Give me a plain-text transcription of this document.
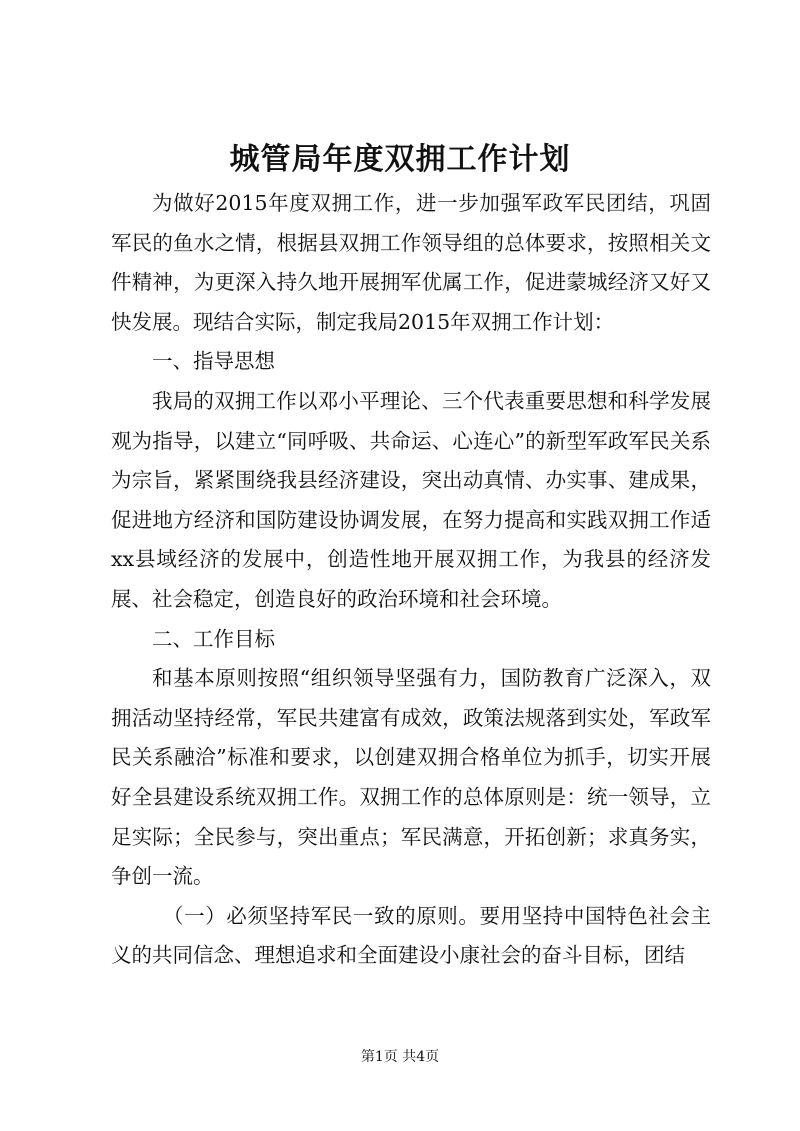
城管局年度双拥工作计划

为做好2015年度双拥工作，进一步加强军政军民团结，巩固军民的鱼水之情，根据县双拥工作领导组的总体要求，按照相关文件精神，为更深入持久地开展拥军优属工作，促进蒙城经济又好又快发展。现结合实际，制定我局2015年双拥工作计划：

一、指导思想

我局的双拥工作以邓小平理论、三个代表重要思想和科学发展观为指导，以建立“同呼吸、共命运、心连心”的新型军政军民关系为宗旨，紧紧围绕我县经济建设，突出动真情、办实事、建成果，促进地方经济和国防建设协调发展，在努力提高和实践双拥工作适xx县域经济的发展中，创造性地开展双拥工作，为我县的经济发展、社会稳定，创造良好的政治环境和社会环境。

二、工作目标

和基本原则按照“组织领导坚强有力，国防教育广泛深入，双拥活动坚持经常，军民共建富有成效，政策法规落到实处，军政军民关系融洽”标准和要求，以创建双拥合格单位为抓手，切实开展好全县建设系统双拥工作。双拥工作的总体原则是：统一领导，立足实际；全民参与，突出重点；军民满意，开拓创新；求真务实，争创一流。

（一）必须坚持军民一致的原则。要用坚持中国特色社会主义的共同信念、理想追求和全面建设小康社会的奋斗目标，团结

第1页 共4页
